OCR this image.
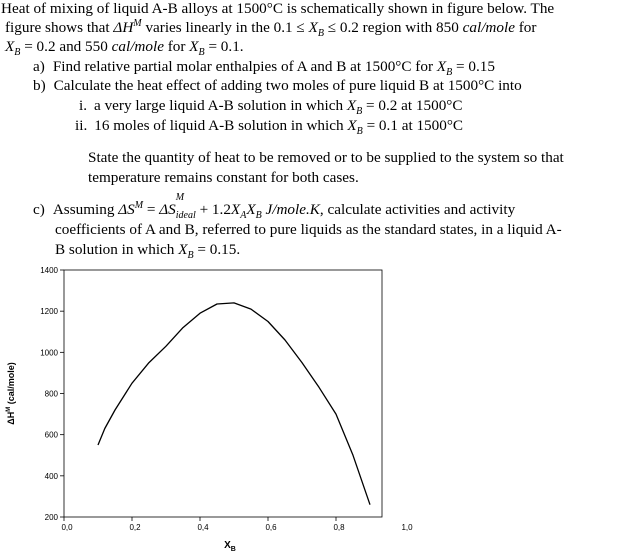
Heat of mixing of liquid A-B alloys at 1500°C is schematically shown in figure below. The
figure shows that $\Delta H^M$ varies linearly in the $0.1 \le X_B \le 0.2$ region with 850 cal/mole for
$X_B = 0.2$ and 550 cal/mole for $X_B = 0.1$.
a) Find relative partial molar enthalpies of A and B at 1500°C for $X_B = 0.15$
b) Calculate the heat effect of adding two moles of pure liquid B at 1500°C into
i. a very large liquid A-B solution in which $X_B = 0.2$ at 1500°C
ii. 16 moles of liquid A-B solution in which $X_B = 0.1$ at 1500°C
State the quantity of heat to be removed or to be supplied to the system so that
temperature remains constant for both cases.
c) Assuming $\Delta S^M = \Delta S$
M
$_{ideal} + 1.2X_AX_B$ J/mole.K, calculate activities and activity
coefficients of A and B, referred to pure liquids as the standard states, in a liquid A-
B solution in which $X_B = 0.15$.
200
400
600
800
1000
1200
1400
0,0	0,2	0,4	0,6	0,8	1,0
$X_B$
$\Delta H^M$ (cal/mole)
